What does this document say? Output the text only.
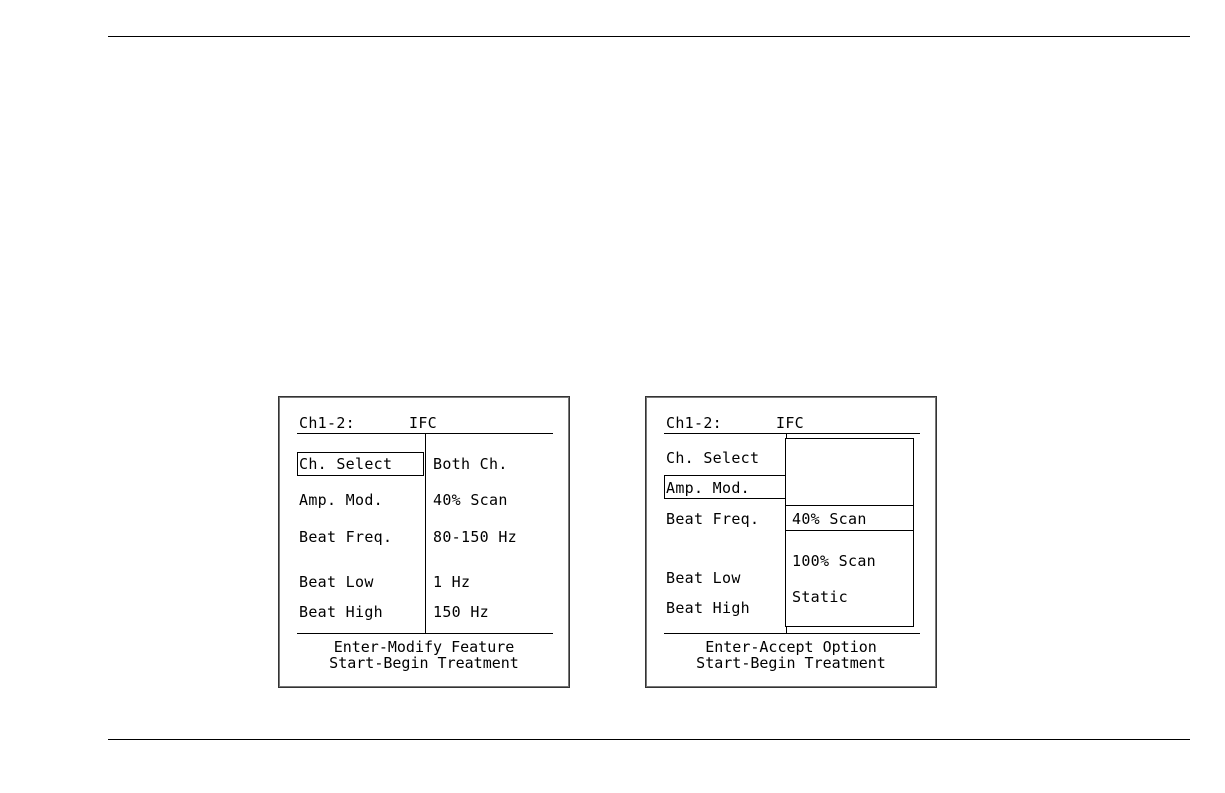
Ch1-2:	IFC
Ch. Select	Both Ch.
Amp. Mod.	40% Scan
Beat Freq.	80-150 Hz
Beat Low	1 Hz
Beat High	150 Hz
Enter-Modify Feature
Start-Begin Treatment
Ch1-2:	IFC
Ch. Select
Amp. Mod.
Beat Freq.
Beat Low
Beat High
40% Scan
100% Scan
Static
Enter-Accept Option
Start-Begin Treatment
